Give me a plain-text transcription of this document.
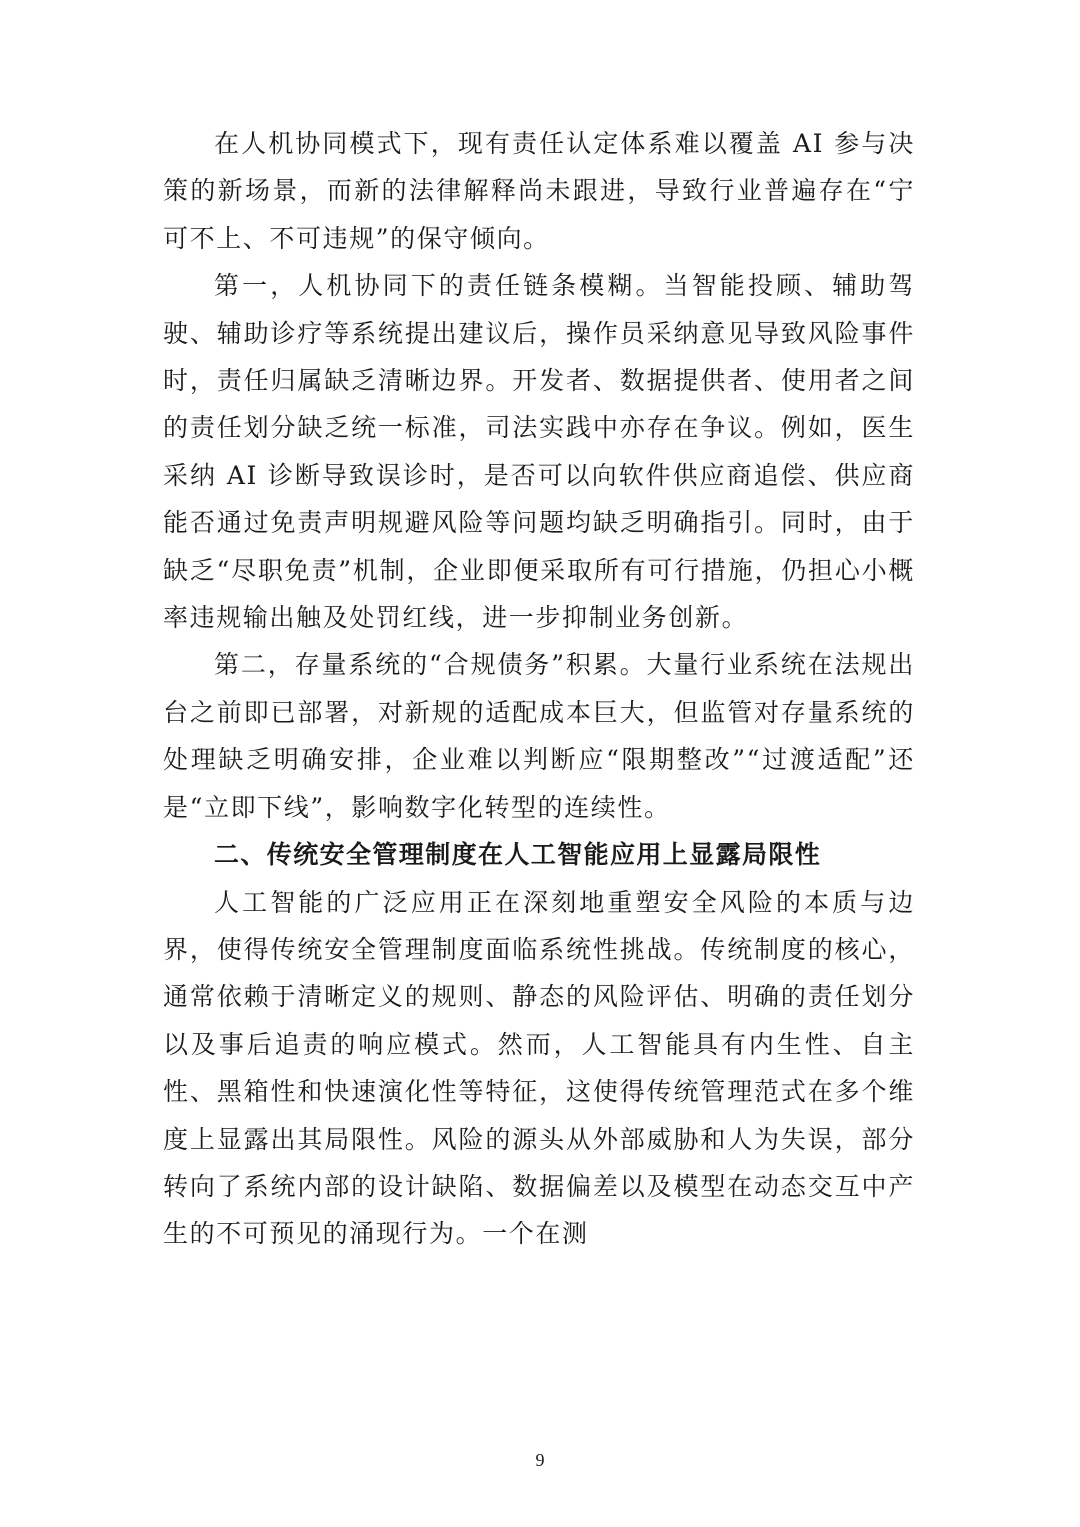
在人机协同模式下，现有责任认定体系难以覆盖 AI 参与决策的新场景，而新的法律解释尚未跟进，导致行业普遍存在“宁可不上、不可违规”的保守倾向。

第一，人机协同下的责任链条模糊。当智能投顾、辅助驾驶、辅助诊疗等系统提出建议后，操作员采纳意见导致风险事件时，责任归属缺乏清晰边界。开发者、数据提供者、使用者之间的责任划分缺乏统一标准，司法实践中亦存在争议。例如，医生采纳 AI 诊断导致误诊时，是否可以向软件供应商追偿、供应商能否通过免责声明规避风险等问题均缺乏明确指引。同时，由于缺乏“尽职免责”机制，企业即便采取所有可行措施，仍担心小概率违规输出触及处罚红线，进一步抑制业务创新。

第二，存量系统的“合规债务”积累。大量行业系统在法规出台之前即已部署，对新规的适配成本巨大，但监管对存量系统的处理缺乏明确安排，企业难以判断应“限期整改”“过渡适配”还是“立即下线”，影响数字化转型的连续性。

二、传统安全管理制度在人工智能应用上显露局限性

人工智能的广泛应用正在深刻地重塑安全风险的本质与边界，使得传统安全管理制度面临系统性挑战。传统制度的核心，通常依赖于清晰定义的规则、静态的风险评估、明确的责任划分以及事后追责的响应模式。然而，人工智能具有内生性、自主性、黑箱性和快速演化性等特征，这使得传统管理范式在多个维度上显露出其局限性。风险的源头从外部威胁和人为失误，部分转向了系统内部的设计缺陷、数据偏差以及模型在动态交互中产生的不可预见的涌现行为。一个在测

9
